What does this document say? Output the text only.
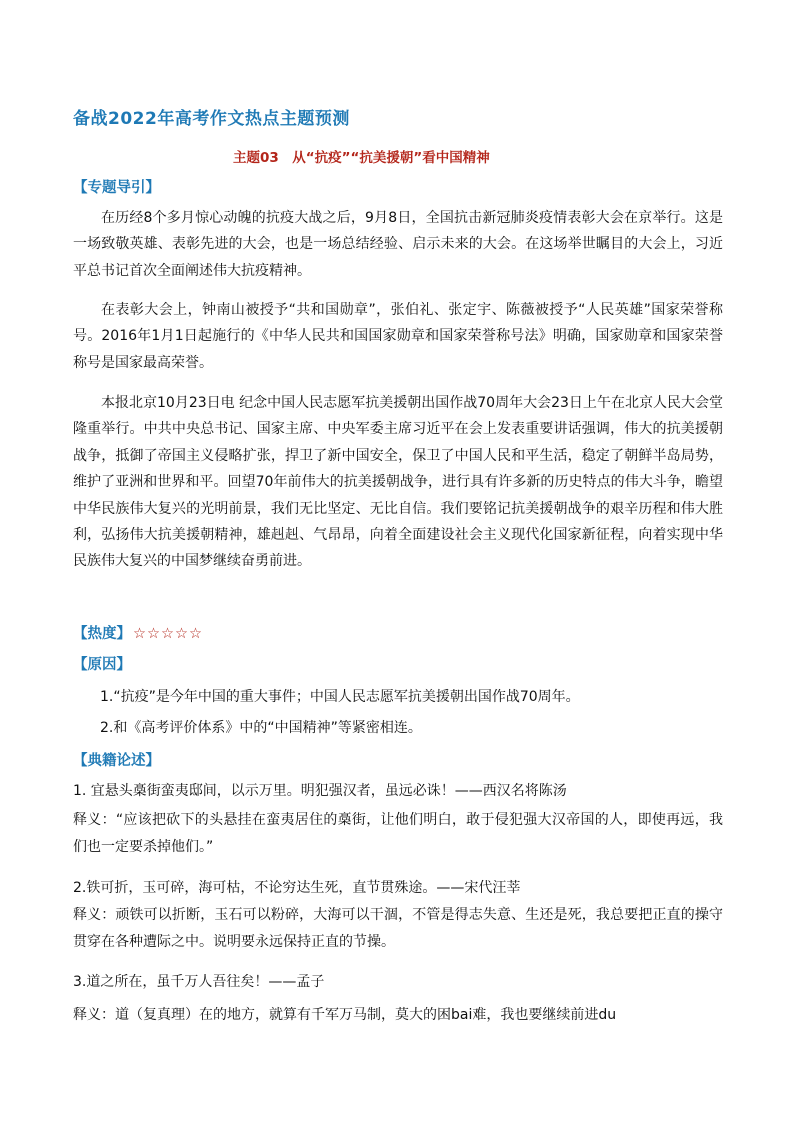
备战2022年高考作文热点主题预测
主题03　从“抗疫”“抗美援朝”看中国精神
【专题导引】
在历经8个多月惊心动魄的抗疫大战之后，9月8日，全国抗击新冠肺炎疫情表彰大会在京举行。这是一场致敬英雄、表彰先进的大会，也是一场总结经验、启示未来的大会。在这场举世瞩目的大会上，习近平总书记首次全面阐述伟大抗疫精神。
在表彰大会上，钟南山被授予“共和国勋章”，张伯礼、张定宇、陈薇被授予“人民英雄”国家荣誉称号。2016年1月1日起施行的《中华人民共和国国家勋章和国家荣誉称号法》明确，国家勋章和国家荣誉称号是国家最高荣誉。
本报北京10月23日电 纪念中国人民志愿军抗美援朝出国作战70周年大会23日上午在北京人民大会堂隆重举行。中共中央总书记、国家主席、中央军委主席习近平在会上发表重要讲话强调，伟大的抗美援朝战争，抵御了帝国主义侵略扩张，捍卫了新中国安全，保卫了中国人民和平生活，稳定了朝鲜半岛局势，维护了亚洲和世界和平。回望70年前伟大的抗美援朝战争，进行具有许多新的历史特点的伟大斗争，瞻望中华民族伟大复兴的光明前景，我们无比坚定、无比自信。我们要铭记抗美援朝战争的艰辛历程和伟大胜利，弘扬伟大抗美援朝精神，雄赳赳、气昂昂，向着全面建设社会主义现代化国家新征程，向着实现中华民族伟大复兴的中国梦继续奋勇前进。
【热度】 ☆☆☆☆☆
【原因】
1.“抗疫”是今年中国的重大事件；中国人民志愿军抗美援朝出国作战70周年。
2.和《高考评价体系》中的“中国精神”等紧密相连。
【典籍论述】
1. 宜悬头槀街蛮夷邸间，以示万里。明犯强汉者，虽远必诛！——西汉名将陈汤
释义：“应该把砍下的头悬挂在蛮夷居住的槀街，让他们明白，敢于侵犯强大汉帝国的人，即使再远，我们也一定要杀掉他们。”
2.铁可折，玉可碎，海可枯，不论穷达生死，直节贯殊途。——宋代汪莘
释义：顽铁可以折断，玉石可以粉碎，大海可以干涸，不管是得志失意、生还是死，我总要把正直的操守贯穿在各种遭际之中。说明要永远保持正直的节操。
3.道之所在，虽千万人吾往矣！——孟子
释义：道（复真理）在的地方，就算有千军万马制，莫大的困bai难，我也要继续前进du
